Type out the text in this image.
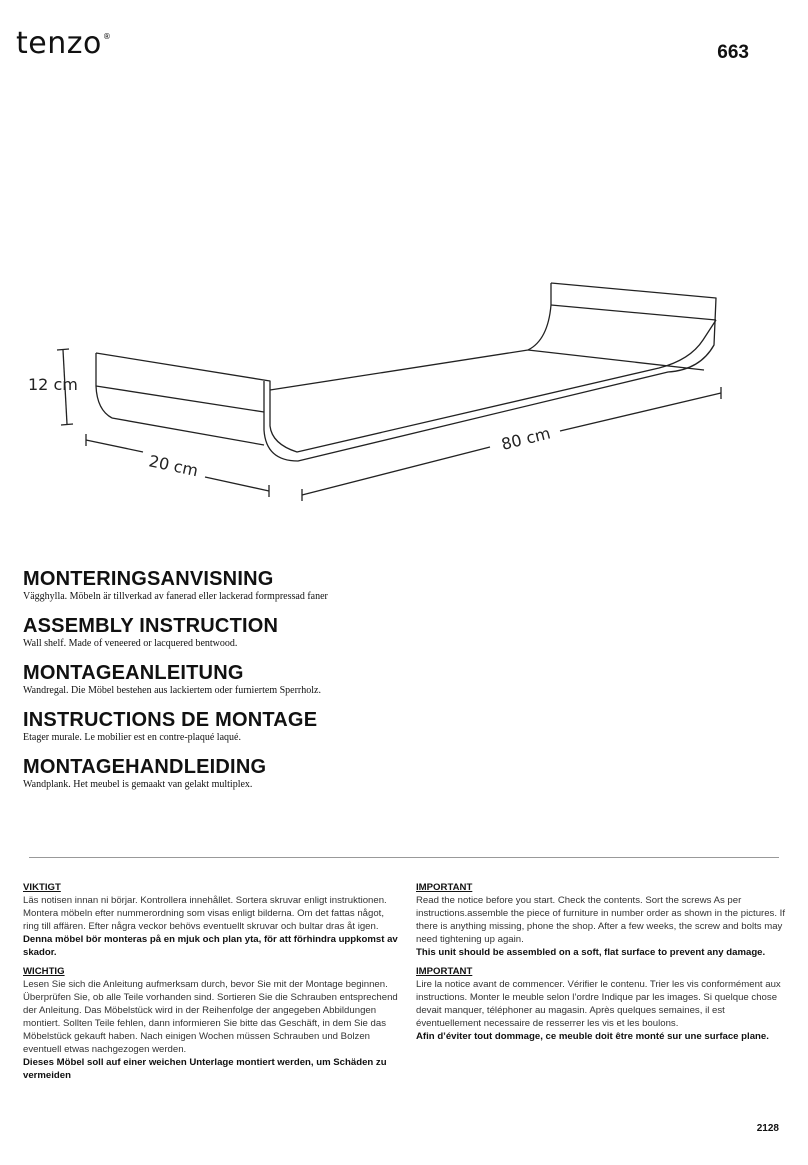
tenzo®
663
12 cm
20 cm
80 cm
MONTERINGSANVISNING
Vägghylla. Möbeln är tillverkad av fanerad eller lackerad formpressad faner
ASSEMBLY INSTRUCTION
Wall shelf. Made of veneered or lacquered bentwood.
MONTAGEANLEITUNG
Wandregal. Die Möbel bestehen aus lackiertem oder furniertem Sperrholz.
INSTRUCTIONS DE MONTAGE
Etager murale. Le mobilier est en contre-plaqué laqué.
MONTAGEHANDLEIDING
Wandplank. Het meubel is gemaakt van gelakt multiplex.
VIKTIGT

Läs notisen innan ni börjar. Kontrollera innehållet. Sortera skruvar enligt instruktionen. Montera möbeln efter nummerordning som visas enligt bilderna. Om det fattas något, ring till affären. Efter några veckor behövs eventuellt skruvar och bultar dras åt igen.

Denna möbel bör monteras på en mjuk och plan yta, för att förhindra uppkomst av skador.

WICHTIG

Lesen Sie sich die Anleitung aufmerksam durch, bevor Sie mit der Montage beginnen. Überprüfen Sie, ob alle Teile vorhanden sind. Sortieren Sie die Schrauben entsprechend der Anleitung. Das Möbelstück wird in der Reihenfolge der angegeben Abbildungen montiert. Sollten Teile fehlen, dann informieren Sie bitte das Geschäft, in dem Sie das Möbelstück gekauft haben. Nach einigen Wochen müssen Schrauben und Bolzen eventuell etwas nachgezogen werden.

Dieses Möbel soll auf einer weichen Unterlage montiert werden, um Schäden zu vermeiden

IMPORTANT

Read the notice before you start. Check the contents. Sort the screws As per instructions.assemble the piece of furniture in number order as shown in the pictures. If there is anything missing, phone the shop. After a few weeks, the screw and bolts may need tightening up again.

This unit should be assembled on a soft, flat surface to prevent any damage.

IMPORTANT

Lire la notice avant de commencer. Vérifier le contenu. Trier les vis conformément aux instructions. Monter le meuble selon l’ordre Indique par les images. Si quelque chose devait manquer, téléphoner au magasin. Après quelques semaines, il est éventuellement necessaire de resserrer les vis et les boulons.

Afin d’éviter tout dommage, ce meuble doit être monté sur une surface plane.

2128
